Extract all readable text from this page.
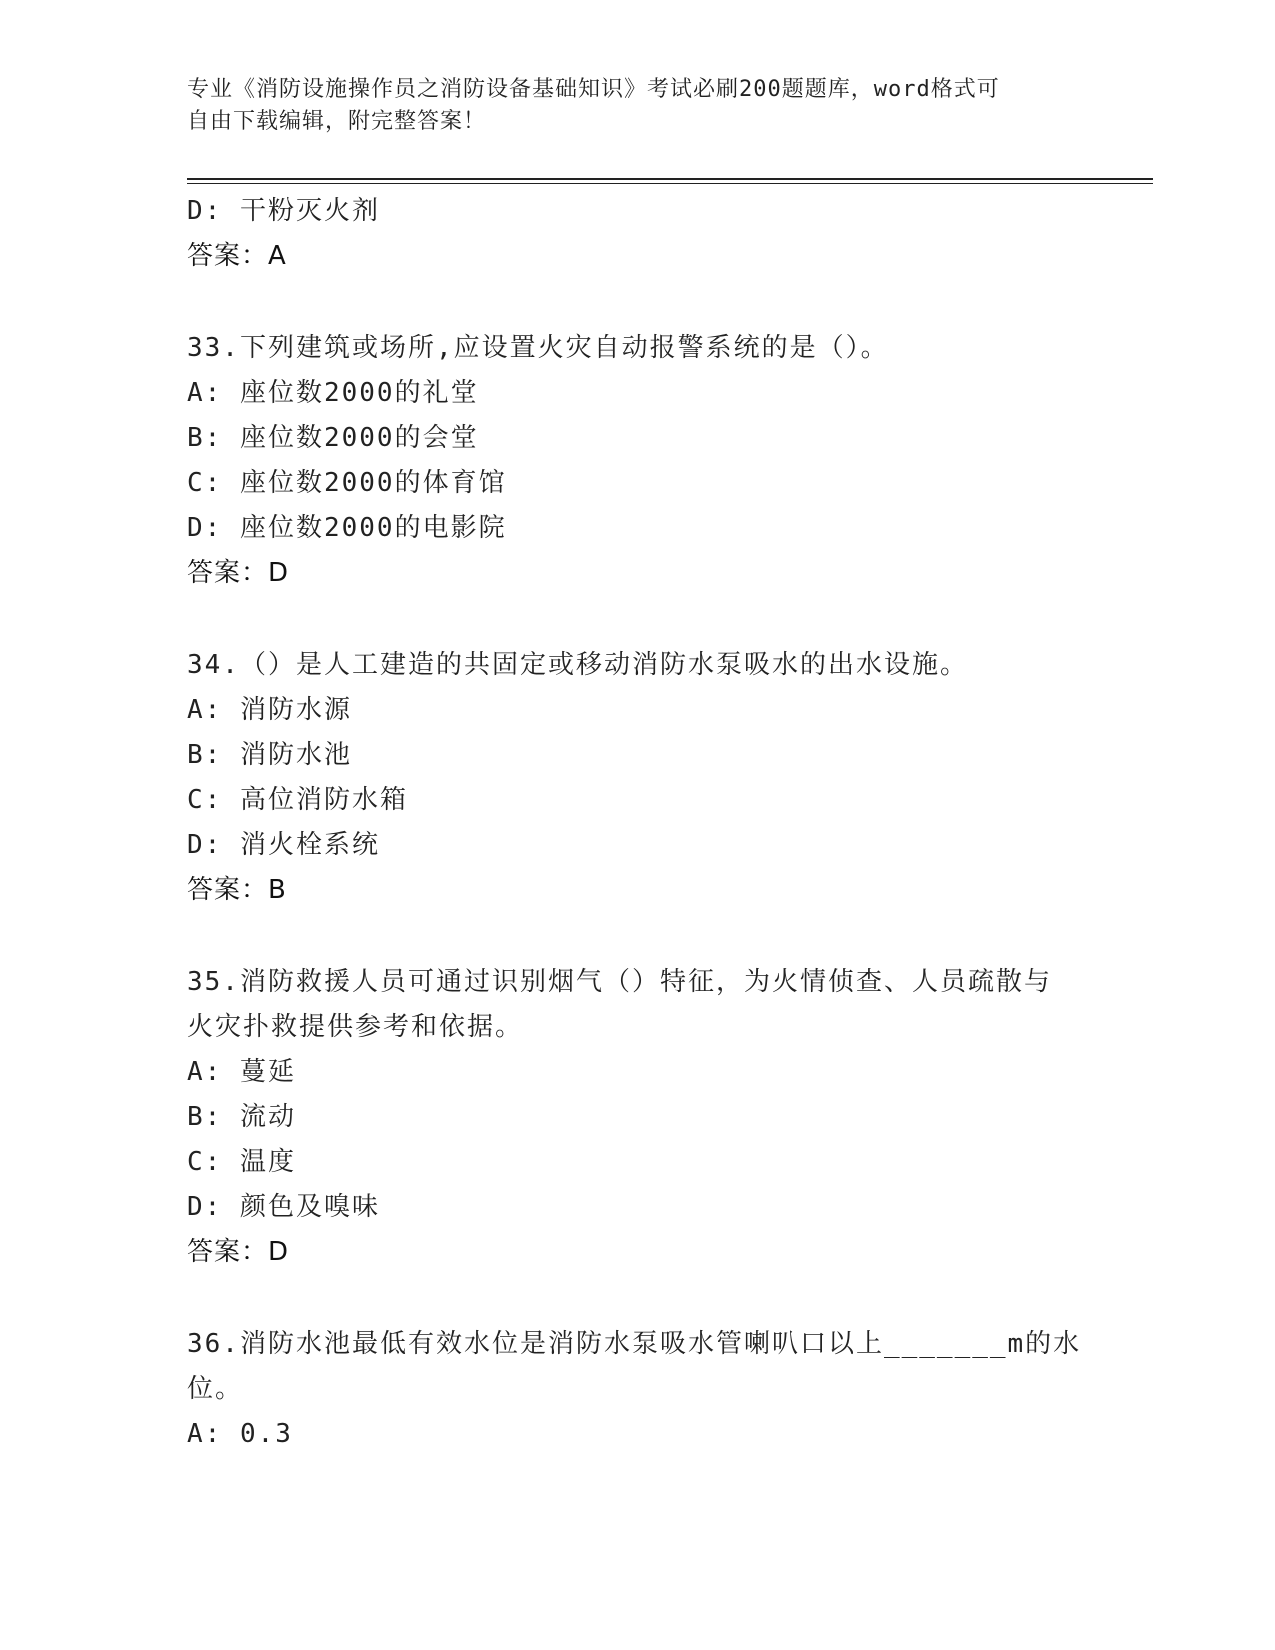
专业《消防设施操作员之消防设备基础知识》考试必刷200题题库，word格式可
自由下载编辑，附完整答案！
D: 干粉灭火剂
答案：A
33.下列建筑或场所,应设置火灾自动报警系统的是（）。
A: 座位数2000的礼堂
B: 座位数2000的会堂
C: 座位数2000的体育馆
D: 座位数2000的电影院
答案：D
34.（）是人工建造的共固定或移动消防水泵吸水的出水设施。
A: 消防水源
B: 消防水池
C: 高位消防水箱
D: 消火栓系统
答案：B
35.消防救援人员可通过识别烟气（）特征，为火情侦查、人员疏散与
火灾扑救提供参考和依据。
A: 蔓延
B: 流动
C: 温度
D: 颜色及嗅味
答案：D
36.消防水池最低有效水位是消防水泵吸水管喇叭口以上_______m的水
位。
A: 0.3
